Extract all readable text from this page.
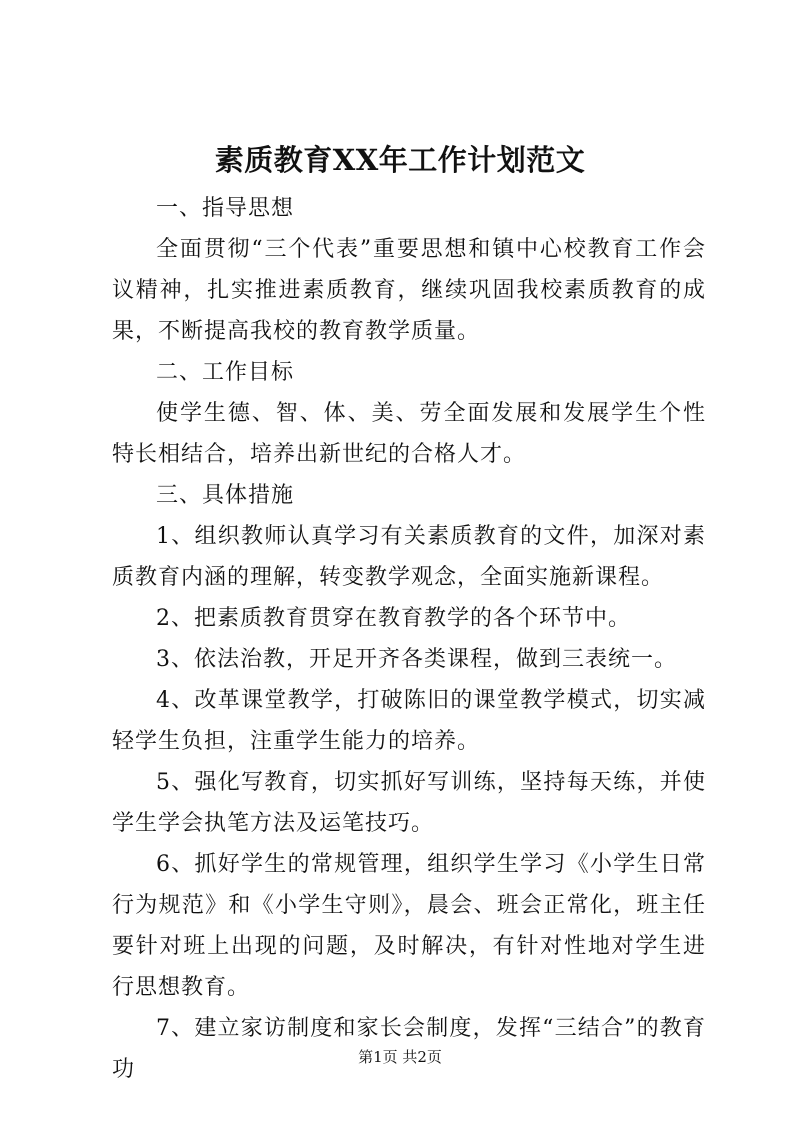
素质教育XX年工作计划范文

一、指导思想

全面贯彻“三个代表”重要思想和镇中心校教育工作会议精神，扎实推进素质教育，继续巩固我校素质教育的成果，不断提高我校的教育教学质量。

二、工作目标

使学生德、智、体、美、劳全面发展和发展学生个性特长相结合，培养出新世纪的合格人才。

三、具体措施

1、组织教师认真学习有关素质教育的文件，加深对素质教育内涵的理解，转变教学观念，全面实施新课程。

2、把素质教育贯穿在教育教学的各个环节中。

3、依法治教，开足开齐各类课程，做到三表统一。

4、改革课堂教学，打破陈旧的课堂教学模式，切实减轻学生负担，注重学生能力的培养。

5、强化写教育，切实抓好写训练，坚持每天练，并使学生学会执笔方法及运笔技巧。

6、抓好学生的常规管理，组织学生学习《小学生日常行为规范》和《小学生守则》，晨会、班会正常化，班主任要针对班上出现的问题，及时解决，有针对性地对学生进行思想教育。

7、建立家访制度和家长会制度，发挥“三结合”的教育功	第1页 共2页
